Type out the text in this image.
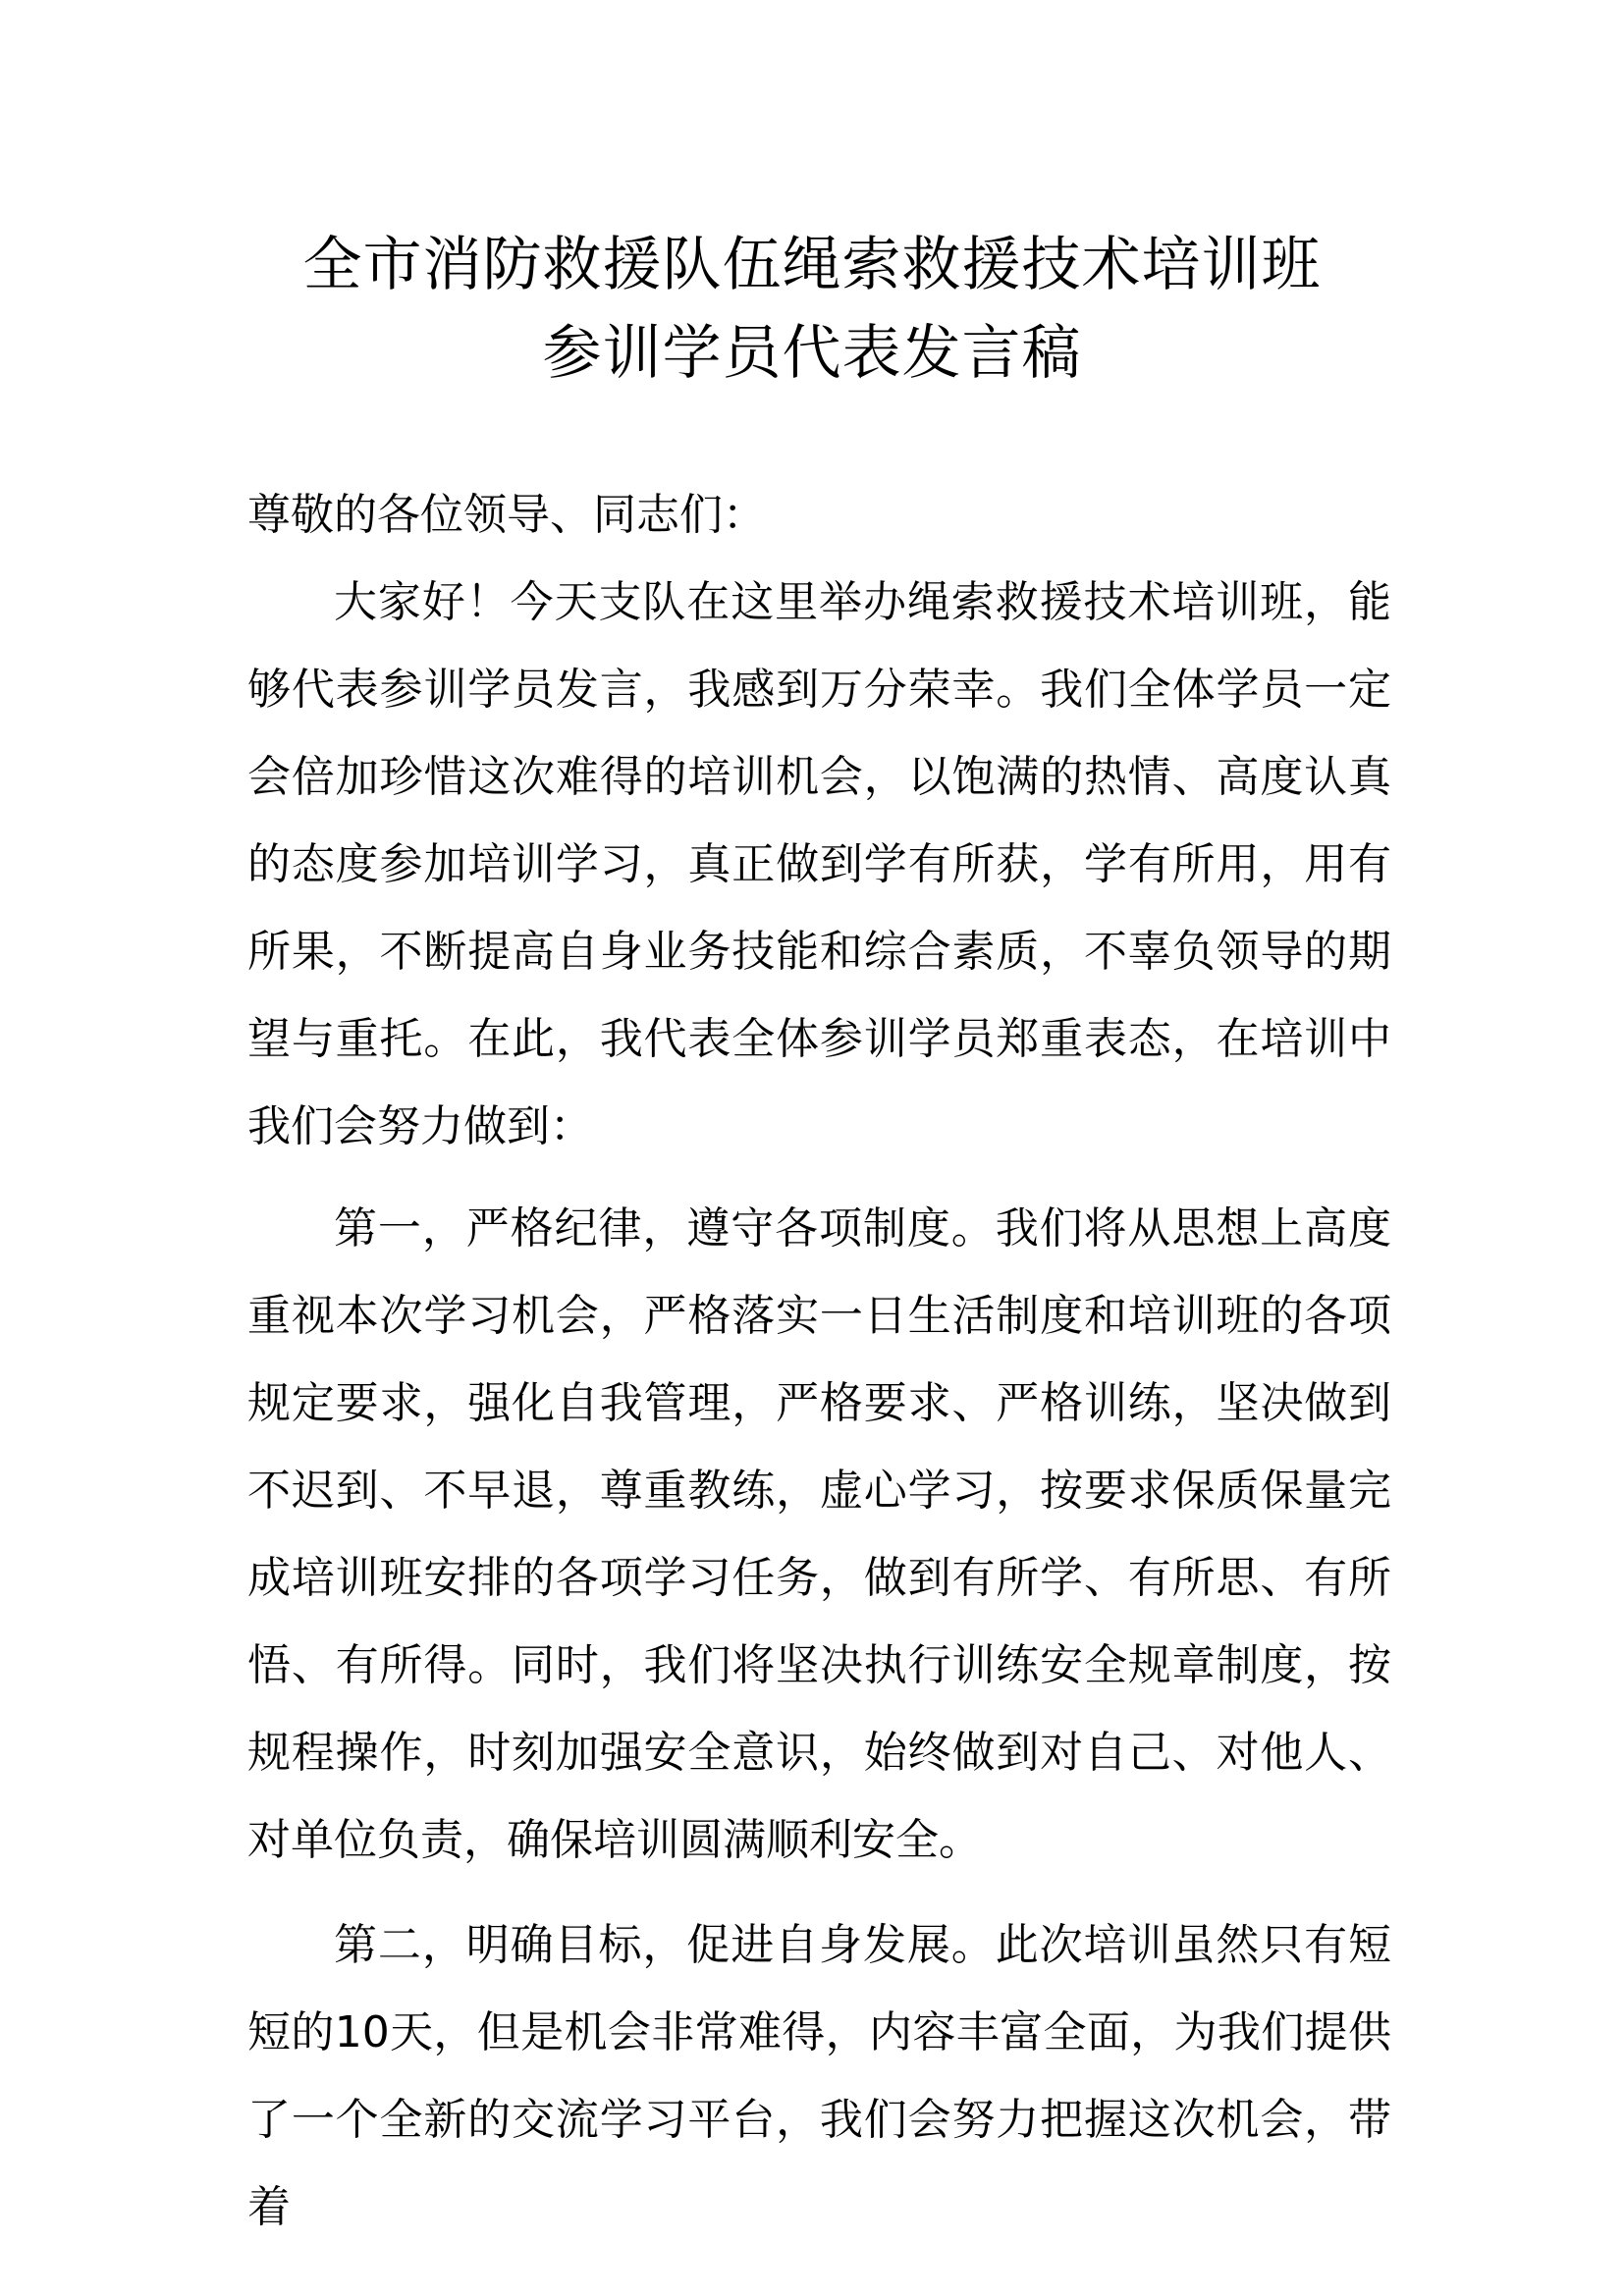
全市消防救援队伍绳索救援技术培训班
参训学员代表发言稿

尊敬的各位领导、同志们：

大家好！今天支队在这里举办绳索救援技术培训班，能够代表参训学员发言，我感到万分荣幸。我们全体学员一定会倍加珍惜这次难得的培训机会，以饱满的热情、高度认真的态度参加培训学习，真正做到学有所获，学有所用，用有所果，不断提高自身业务技能和综合素质，不辜负领导的期望与重托。在此，我代表全体参训学员郑重表态，在培训中我们会努力做到：

第一，严格纪律，遵守各项制度。我们将从思想上高度重视本次学习机会，严格落实一日生活制度和培训班的各项规定要求，强化自我管理，严格要求、严格训练，坚决做到不迟到、不早退，尊重教练，虚心学习，按要求保质保量完成培训班安排的各项学习任务，做到有所学、有所思、有所悟、有所得。同时，我们将坚决执行训练安全规章制度，按规程操作，时刻加强安全意识，始终做到对自己、对他人、对单位负责，确保培训圆满顺利安全。

第二，明确目标，促进自身发展。此次培训虽然只有短短的10天，但是机会非常难得，内容丰富全面，为我们提供了一个全新的交流学习平台，我们会努力把握这次机会，带着
